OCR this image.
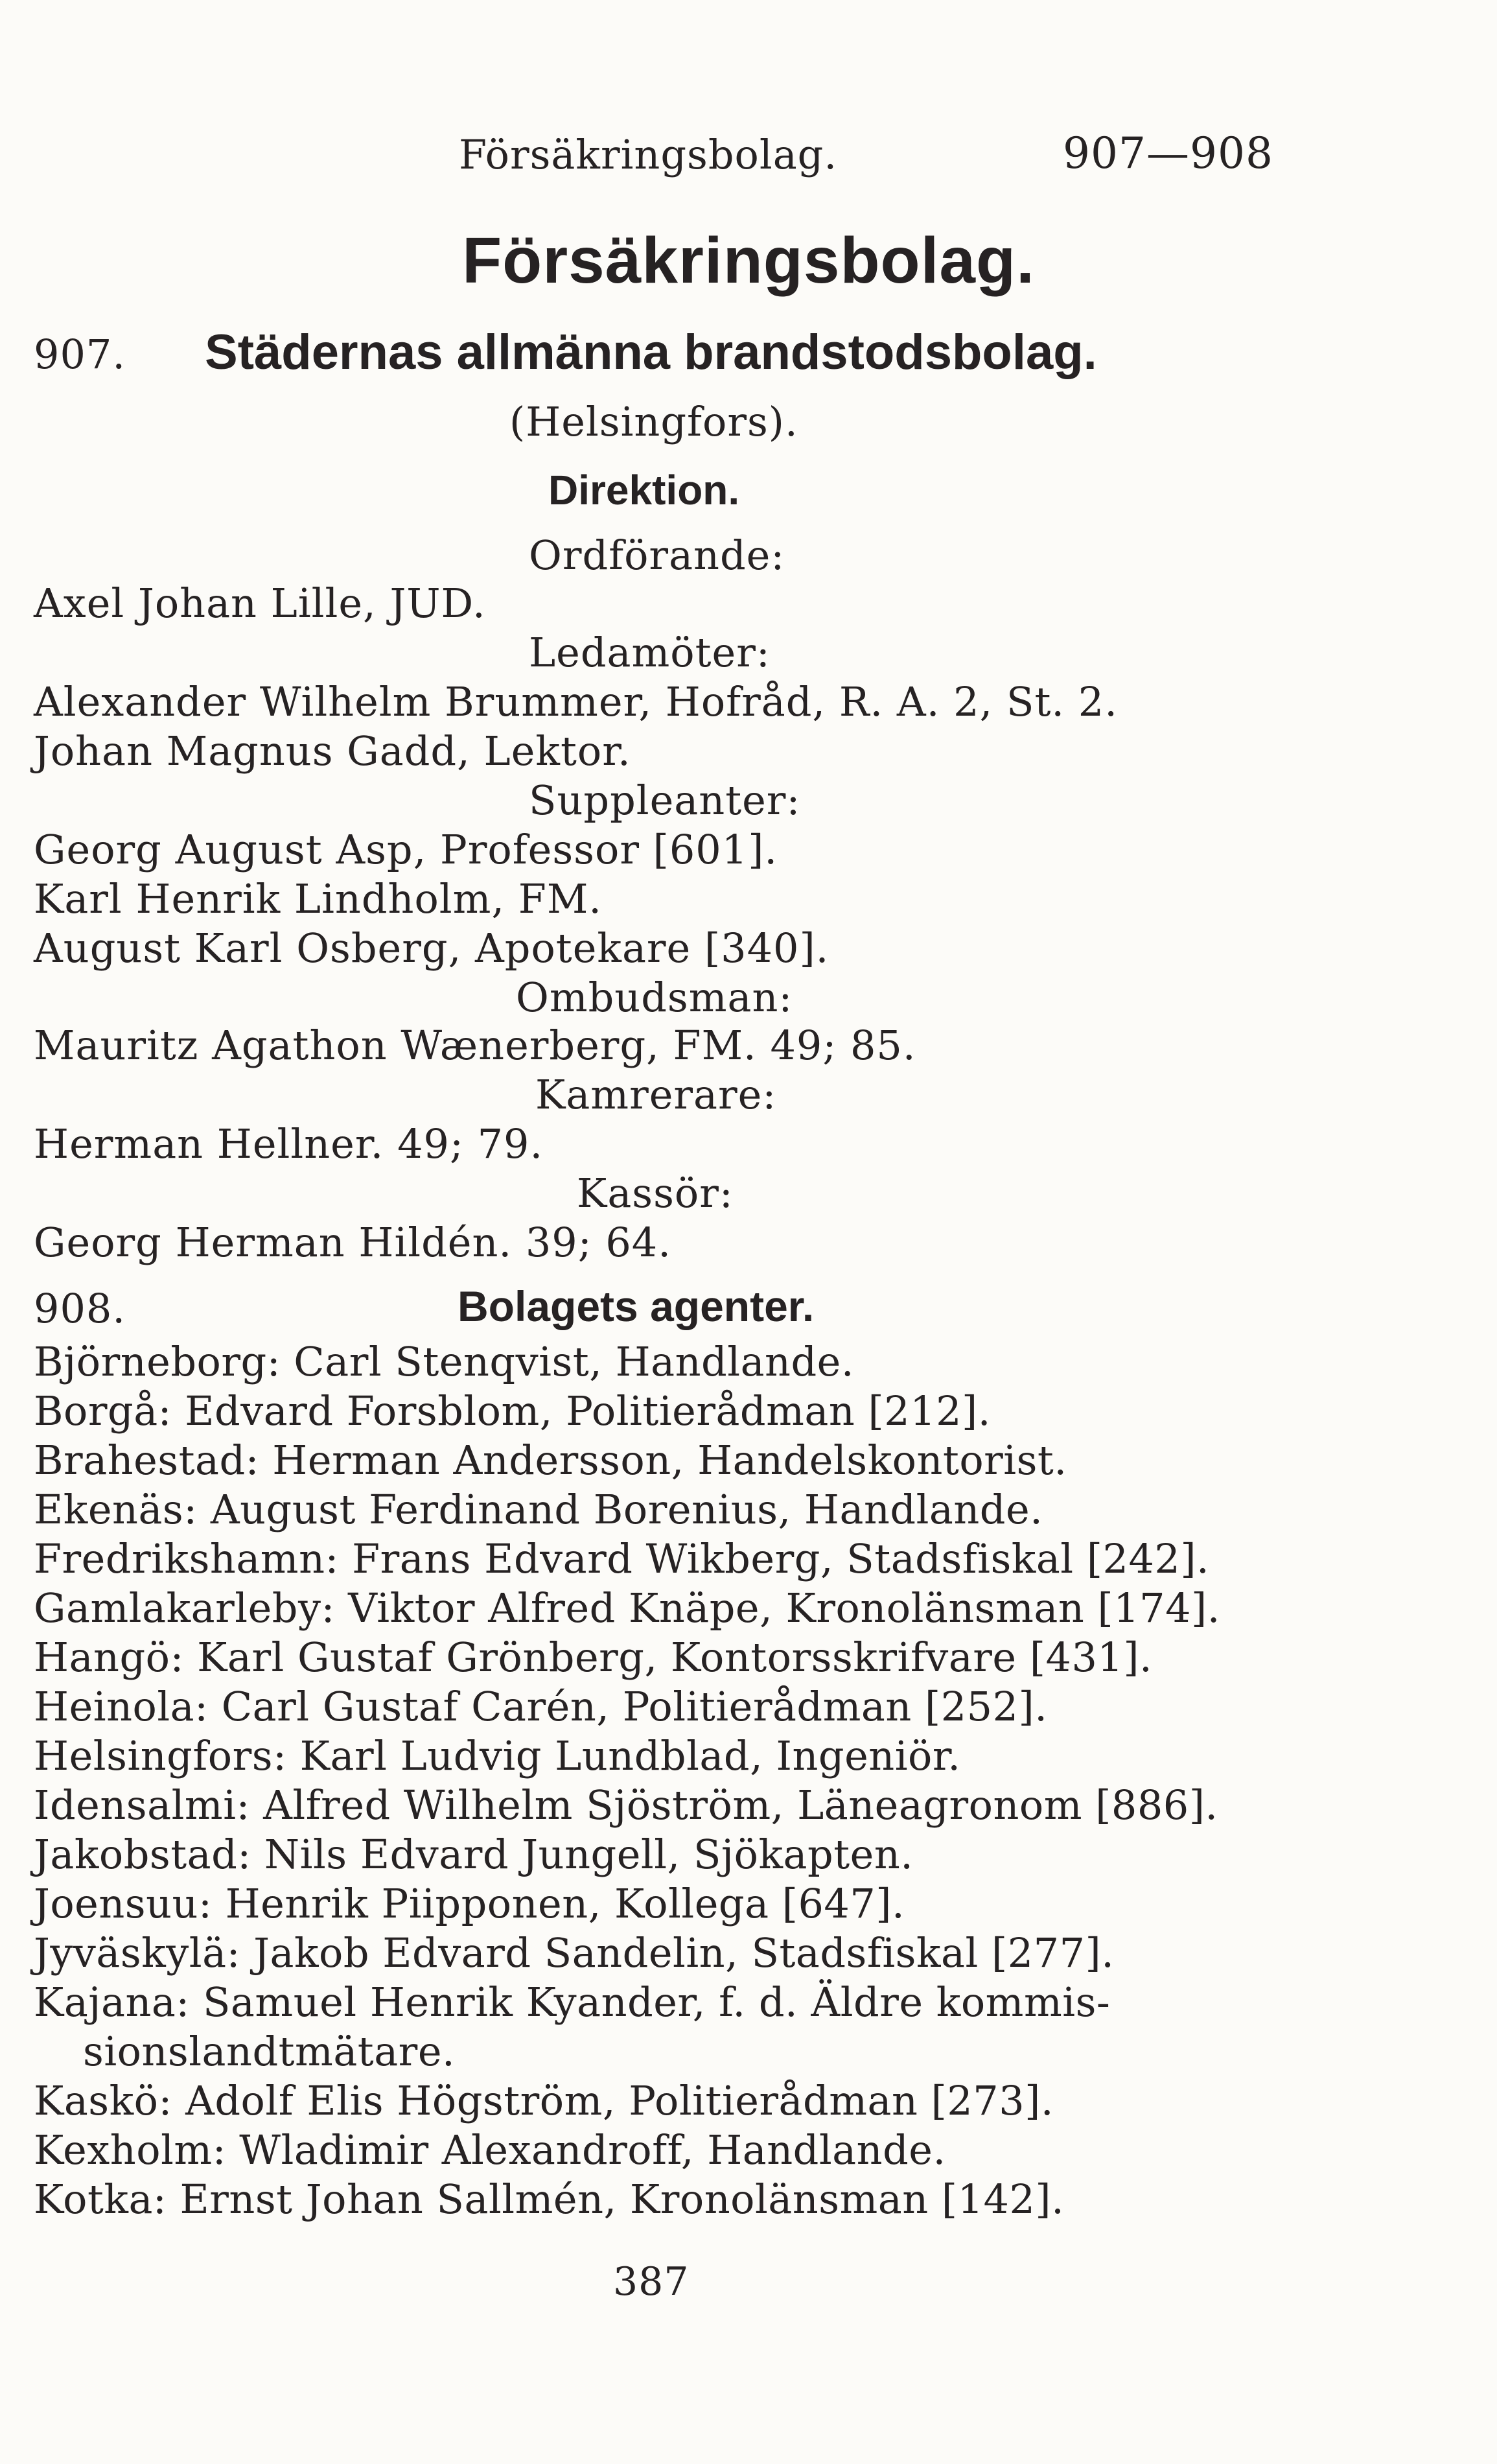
Försäkringsbolag.	907—908
Försäkringsbolag.
907. Städernas allmänna brandstodsbolag.
(Helsingfors).
Direktion.
Ordförande:
Axel Johan Lille, JUD.
Ledamöter:
Alexander Wilhelm Brummer, Hofråd, R. A. 2, St. 2.
Johan Magnus Gadd, Lektor.
Suppleanter:
Georg August Asp, Professor [601].
Karl Henrik Lindholm, FM.
August Karl Osberg, Apotekare [340].
Ombudsman:
Mauritz Agathon Wænerberg, FM. 49; 85.
Kamrerare:
Herman Hellner. 49; 79.
Kassör:
Georg Herman Hildén. 39; 64.
908.	Bolagets agenter.
Björneborg: Carl Stenqvist, Handlande.
Borgå: Edvard Forsblom, Politierådman [212].
Brahestad: Herman Andersson, Handelskontorist.
Ekenäs: August Ferdinand Borenius, Handlande.
Fredrikshamn: Frans Edvard Wikberg, Stadsfiskal [242].
Gamlakarleby: Viktor Alfred Knäpe, Kronolänsman [174].
Hangö: Karl Gustaf Grönberg, Kontorsskrifvare [431].
Heinola: Carl Gustaf Carén, Politierådman [252].
Helsingfors: Karl Ludvig Lundblad, Ingeniör.
Idensalmi: Alfred Wilhelm Sjöström, Läneagronom [886].
Jakobstad: Nils Edvard Jungell, Sjökapten.
Joensuu: Henrik Piipponen, Kollega [647].
Jyväskylä: Jakob Edvard Sandelin, Stadsfiskal [277].
Kajana: Samuel Henrik Kyander, f. d. Äldre kommis-
sionslandtmätare.
Kaskö: Adolf Elis Högström, Politierådman [273].
Kexholm: Wladimir Alexandroff, Handlande.
Kotka: Ernst Johan Sallmén, Kronolänsman [142].
387
